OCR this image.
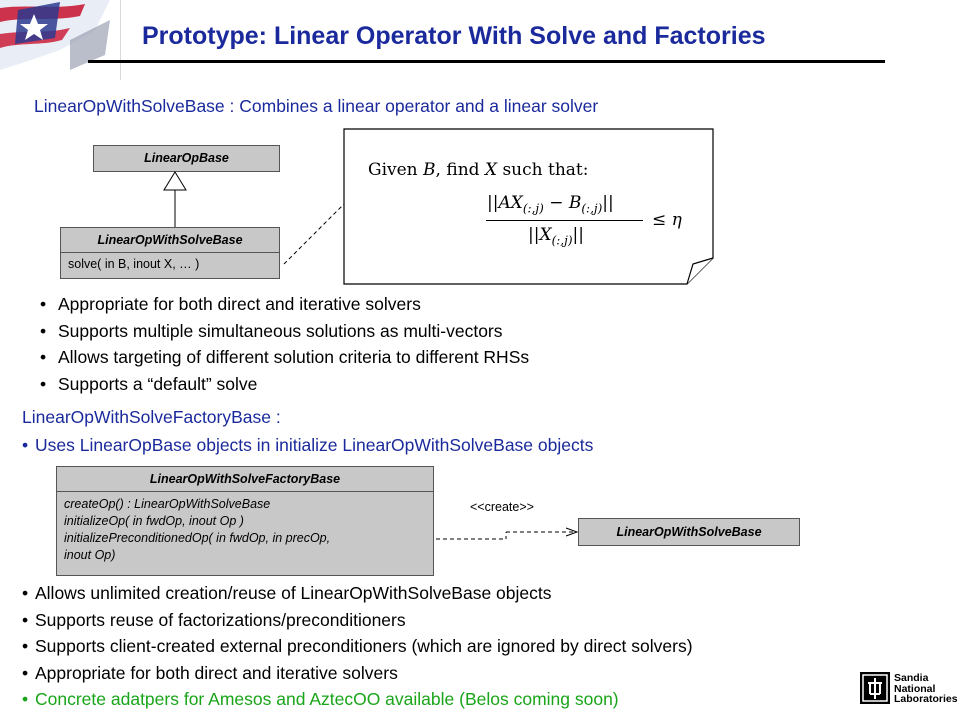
Prototype: Linear Operator With Solve and Factories
LinearOpWithSolveBase : Combines a linear operator and a linear solver
LinearOpBase
LinearOpWithSolveBase
solve( in B, inout X, … )
Given B, find X such that:
$||AX_{(:,j)} - B_{(:,j)}||$
$||X_{(:,j)}||$
≤ η
• Appropriate for both direct and iterative solvers
• Supports multiple simultaneous solutions as multi-vectors
• Allows targeting of different solution criteria to different RHSs
• Supports a “default” solve
LinearOpWithSolveFactoryBase :
• Uses LinearOpBase objects in initialize LinearOpWithSolveBase objects
LinearOpWithSolveFactoryBase
createOp() : LinearOpWithSolveBase
initializeOp( in fwdOp, inout Op )
initializePreconditionedOp( in fwdOp, in precOp,
inout Op)
<<create>>
LinearOpWithSolveBase
• Allows unlimited creation/reuse of LinearOpWithSolveBase objects
• Supports reuse of factorizations/preconditioners
• Supports client-created external preconditioners (which are ignored by direct solvers)
• Appropriate for both direct and iterative solvers
• Concrete adatpers for Amesos and AztecOO available (Belos coming soon)
Sandia
National
Laboratories
